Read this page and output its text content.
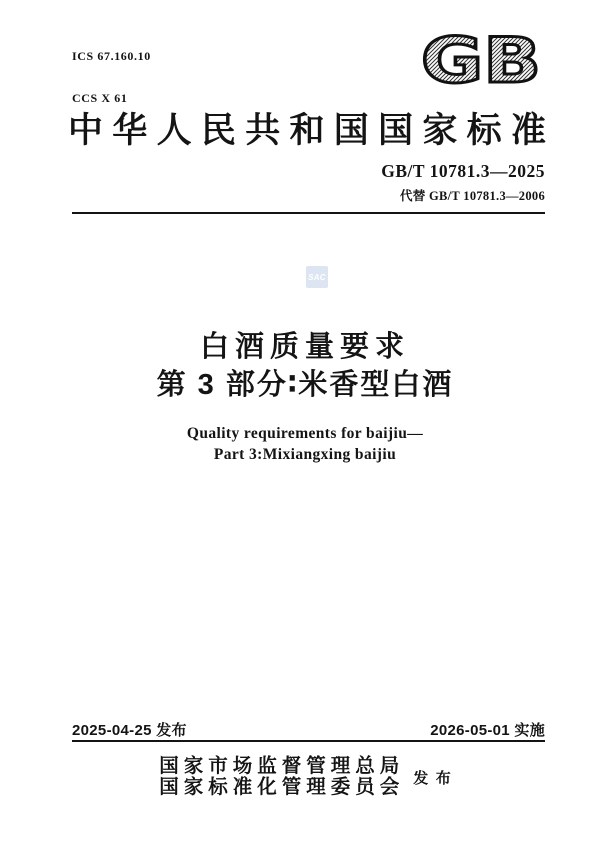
ICS 67.160.10

CCS X 61

GB
中 华 人 民 共 和 国 国 家 标 准
GB/T 10781.3—2025
代替 GB/T 10781.3—2006
SAC
白酒质量要求
第 3 部分∶米香型白酒
Quality requirements for baijiu—
Part 3:Mixiangxing baijiu
2025-04-25 发布	2026-05-01 实施
国 家 市 场 监 督 管 理 总 局
国 家 标 准 化 管 理 委 员 会 发  布
